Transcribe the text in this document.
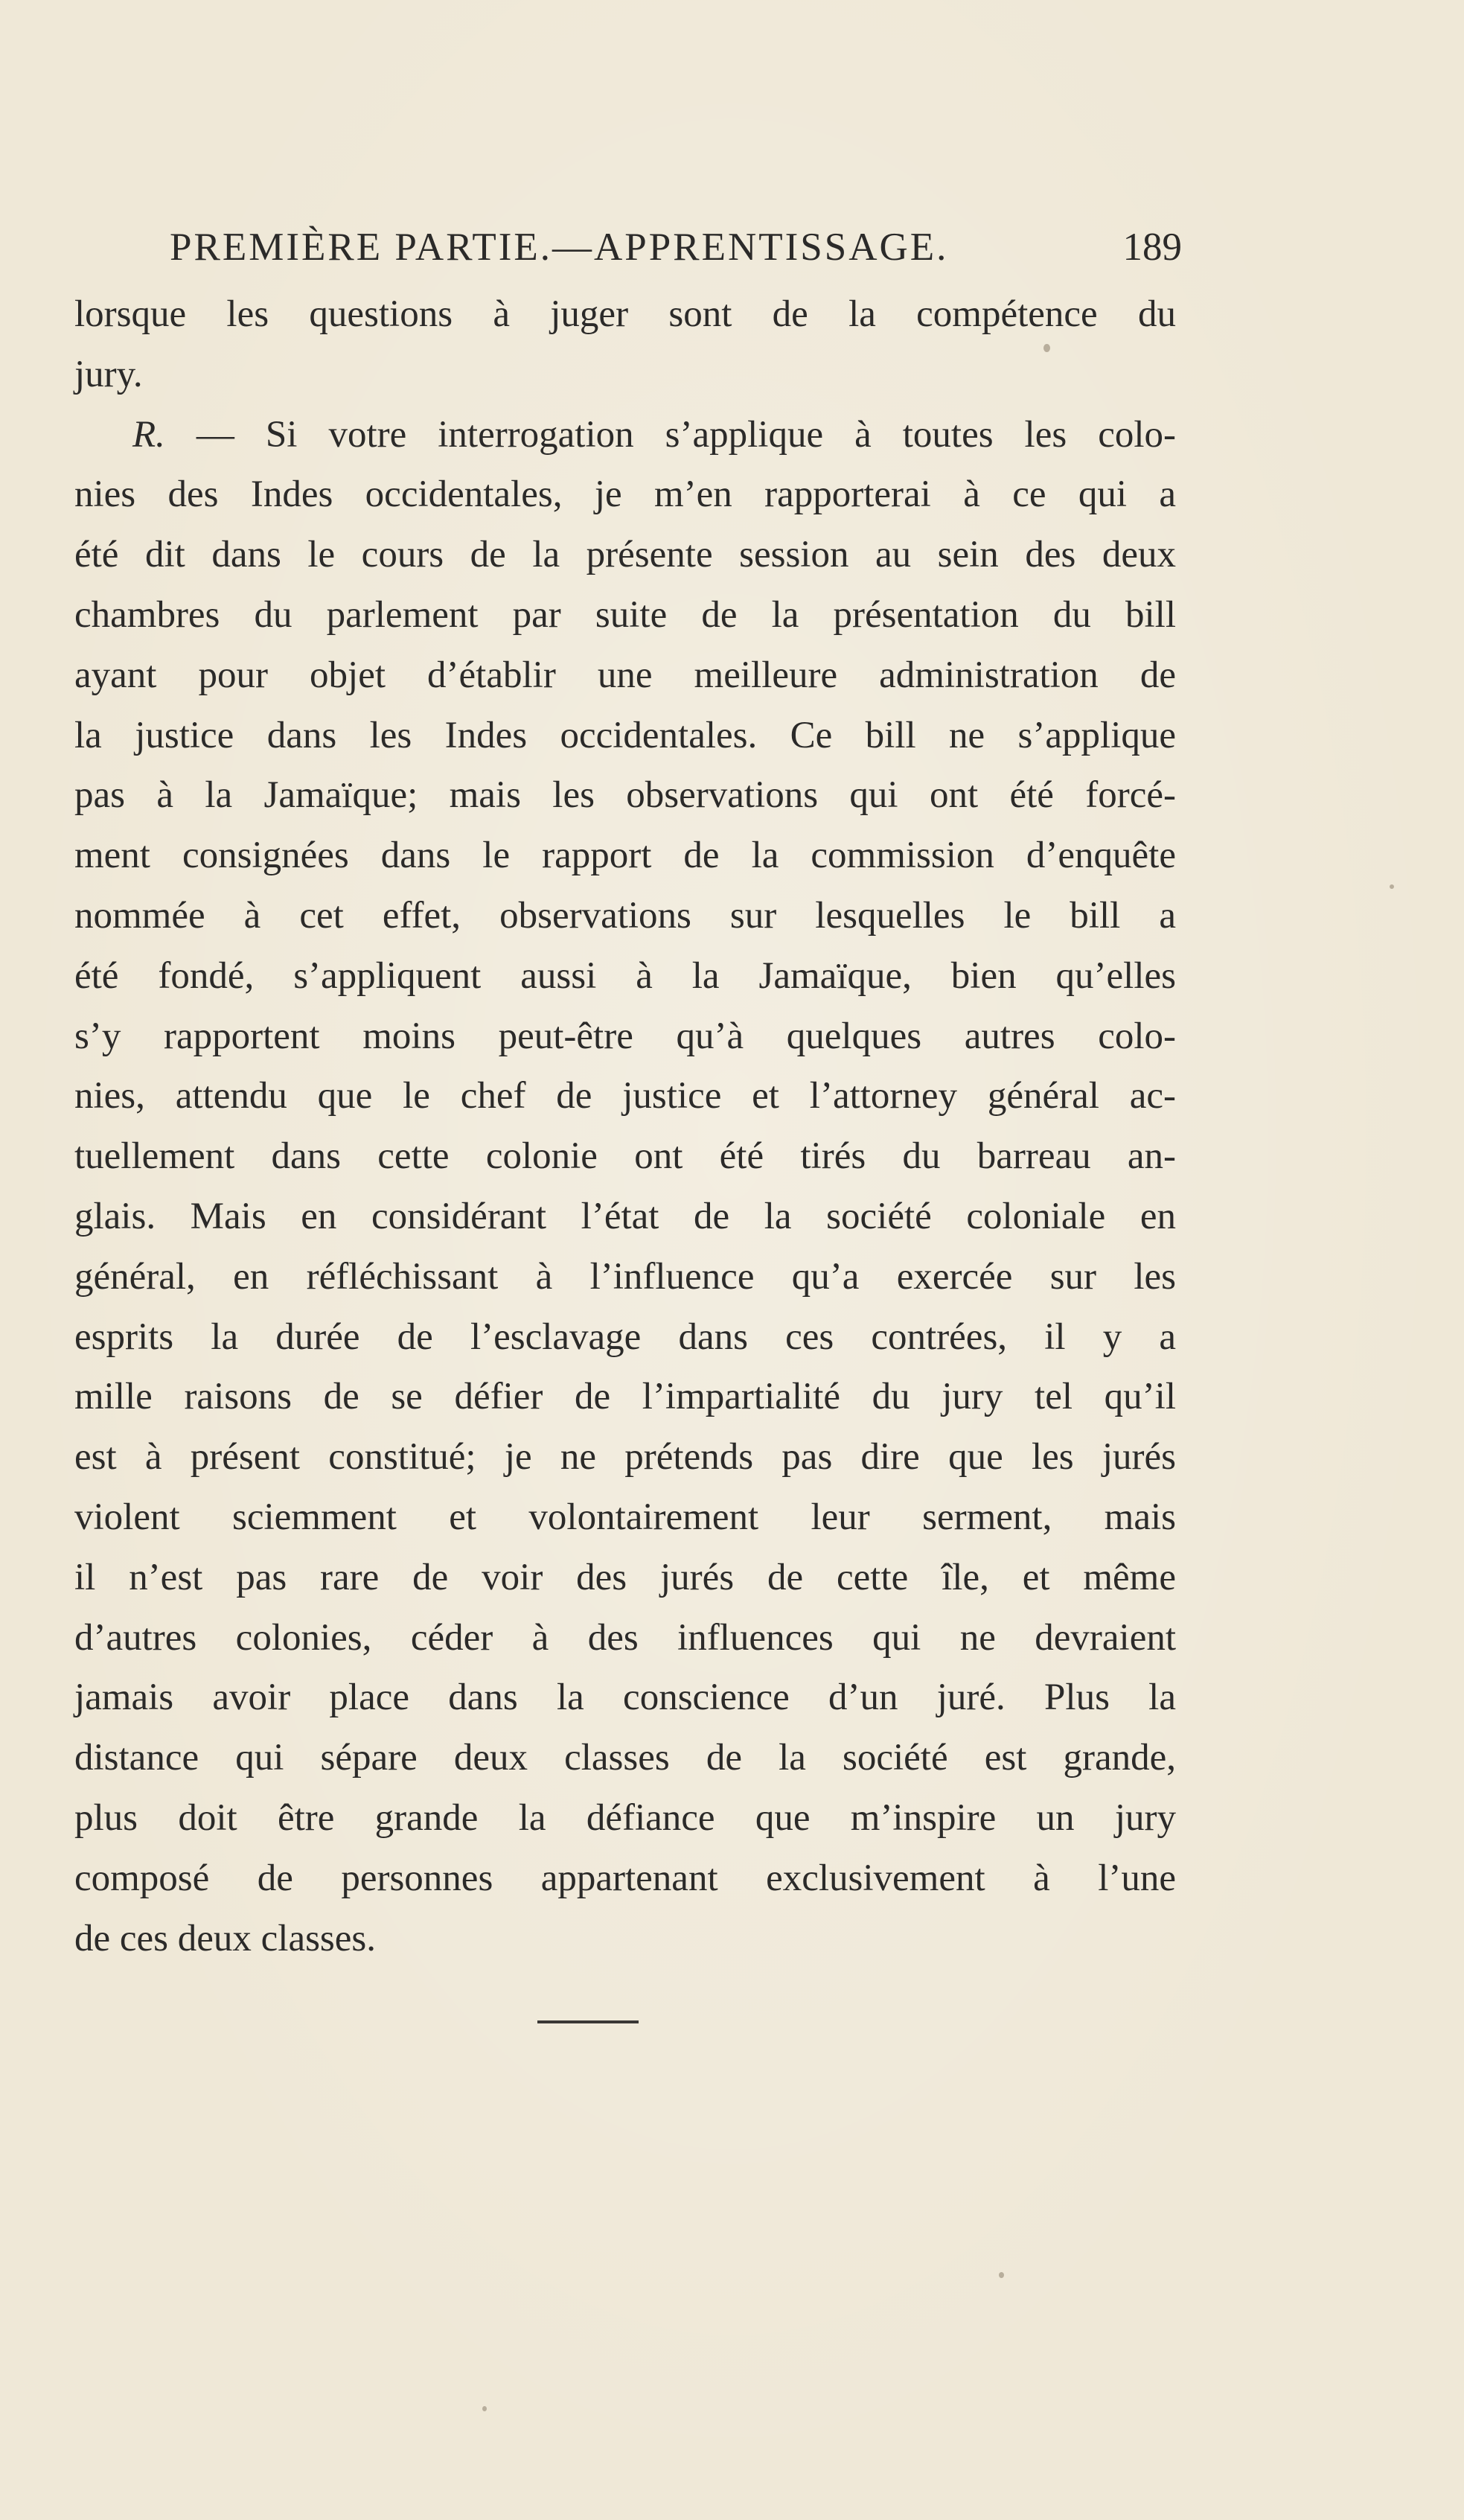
PREMIÈRE PARTIE.—APPRENTISSAGE.	189
lorsque les questions à juger sont de la compétence du
jury.
R. — Si votre interrogation s’applique à toutes les colo-
nies des Indes occidentales, je m’en rapporterai à ce qui a
été dit dans le cours de la présente session au sein des deux
chambres du parlement par suite de la présentation du bill
ayant pour objet d’établir une meilleure administration de
la justice dans les Indes occidentales. Ce bill ne s’applique
pas à la Jamaïque; mais les observations qui ont été forcé-
ment consignées dans le rapport de la commission d’enquête
nommée à cet effet, observations sur lesquelles le bill a
été fondé, s’appliquent aussi à la Jamaïque, bien qu’elles
s’y rapportent moins peut-être qu’à quelques autres colo-
nies, attendu que le chef de justice et l’attorney général ac-
tuellement dans cette colonie ont été tirés du barreau an-
glais. Mais en considérant l’état de la société coloniale en
général, en réfléchissant à l’influence qu’a exercée sur les
esprits la durée de l’esclavage dans ces contrées, il y a
mille raisons de se défier de l’impartialité du jury tel qu’il
est à présent constitué; je ne prétends pas dire que les jurés
violent sciemment et volontairement leur serment, mais
il n’est pas rare de voir des jurés de cette île, et même
d’autres colonies, céder à des influences qui ne devraient
jamais avoir place dans la conscience d’un juré. Plus la
distance qui sépare deux classes de la société est grande,
plus doit être grande la défiance que m’inspire un jury
composé de personnes appartenant exclusivement à l’une
de ces deux classes.
